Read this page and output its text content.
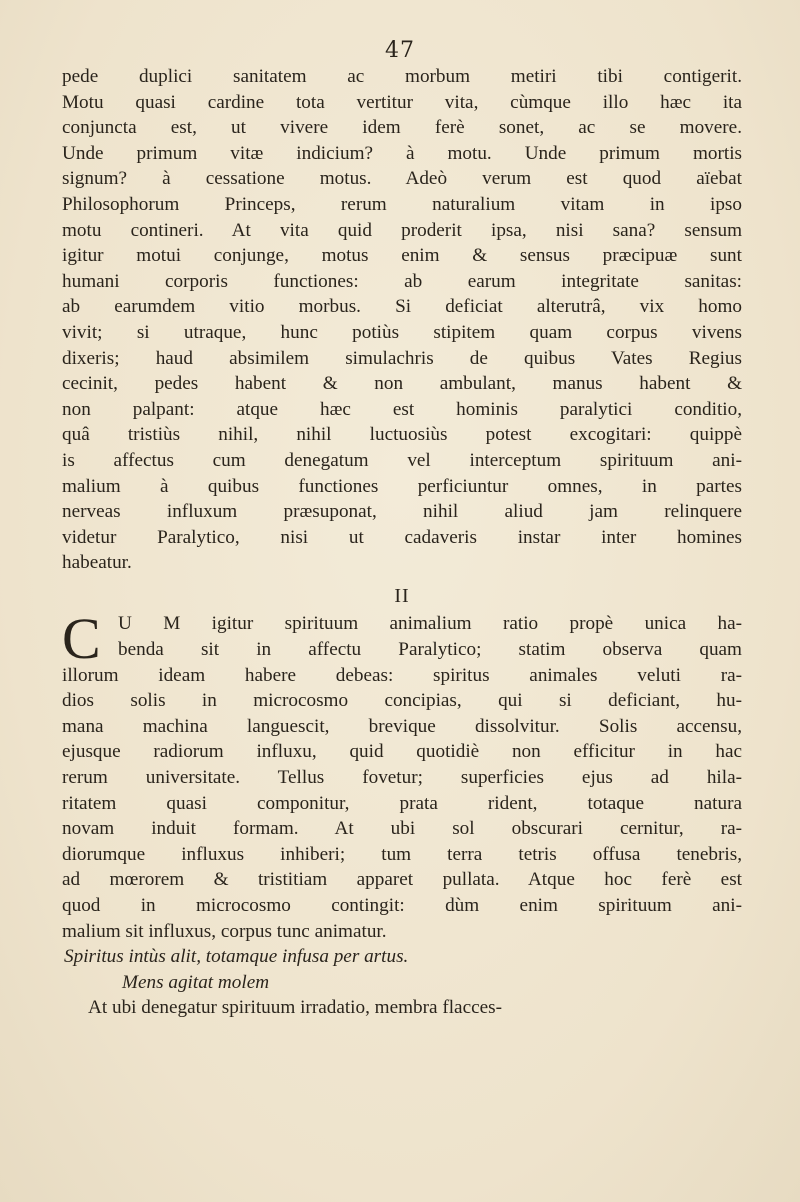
47
pede duplici sanitatem ac morbum metiri tibi contigerit.
Motu quasi cardine tota vertitur vita, cùmque illo hæc ita
conjuncta est, ut vivere idem ferè sonet, ac se movere.
Unde primum vitæ indicium? à motu. Unde primum mortis
signum? à cessatione motus. Adeò verum est quod aïebat
Philosophorum Princeps, rerum naturalium vitam in ipso
motu contineri. At vita quid proderit ipsa, nisi sana? sensum
igitur motui conjunge, motus enim & sensus præcipuæ sunt
humani corporis functiones: ab earum integritate sanitas:
ab earumdem vitio morbus. Si deficiat alterutrâ, vix homo
vivit; si utraque, hunc potiùs stipitem quam corpus vivens
dixeris; haud absimilem simulachris de quibus Vates Regius
cecinit, pedes habent & non ambulant, manus habent &
non palpant: atque hæc est hominis paralytici conditio,
quâ tristiùs nihil, nihil luctuosiùs potest excogitari: quippè
is affectus cum denegatum vel interceptum spirituum ani-
malium à quibus functiones perficiuntur omnes, in partes
nerveas influxum præsuponat, nihil aliud jam relinquere
videtur Paralytico, nisi ut cadaveris instar inter homines
habeatur.
II
C U M igitur spirituum animalium ratio propè unica ha-
benda sit in affectu Paralytico; statim observa quam
illorum ideam habere debeas: spiritus animales veluti ra-
dios solis in microcosmo concipias, qui si deficiant, hu-
mana machina languescit, brevique dissolvitur. Solis accensu,
ejusque radiorum influxu, quid quotidiè non efficitur in hac
rerum universitate. Tellus fovetur; superficies ejus ad hila-
ritatem quasi componitur, prata rident, totaque natura
novam induit formam. At ubi sol obscurari cernitur, ra-
diorumque influxus inhiberi; tum terra tetris offusa tenebris,
ad mœrorem & tristitiam apparet pullata. Atque hoc ferè est
quod in microcosmo contingit: dùm enim spirituum ani-
malium sit influxus, corpus tunc animatur.
Spiritus intùs alit, totamque infusa per artus.
Mens agitat molem
At ubi denegatur spirituum irradatio, membra flacces-
